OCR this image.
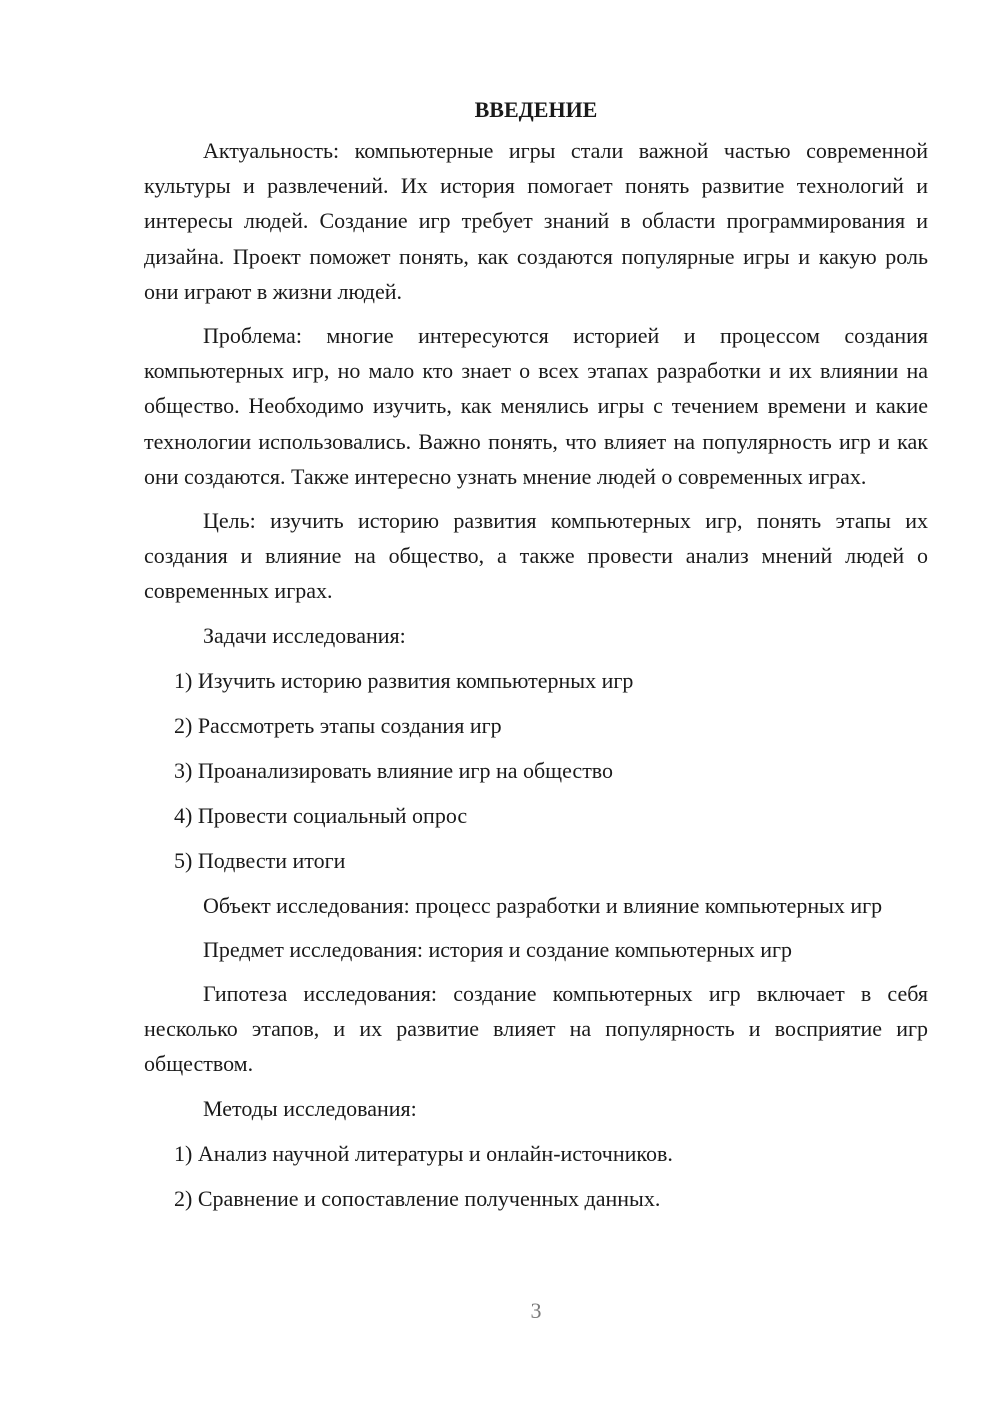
ВВЕДЕНИЕ

Актуальность: компьютерные игры стали важной частью современной культуры и развлечений. Их история помогает понять развитие технологий и интересы людей. Создание игр требует знаний в области программирования и дизайна. Проект поможет понять, как создаются популярные игры и какую роль они играют в жизни людей.

Проблема: многие интересуются историей и процессом создания компьютерных игр, но мало кто знает о всех этапах разработки и их влиянии на общество. Необходимо изучить, как менялись игры с течением времени и какие технологии использовались. Важно понять, что влияет на популярность игр и как они создаются. Также интересно узнать мнение людей о современных играх.

Цель: изучить историю развития компьютерных игр, понять этапы их создания и влияние на общество, а также провести анализ мнений людей о современных играх.

Задачи исследования:
1) Изучить историю развития компьютерных игр
2) Рассмотреть этапы создания игр
3) Проанализировать влияние игр на общество
4) Провести социальный опрос
5) Подвести итоги

Объект исследования: процесс разработки и влияние компьютерных игр

Предмет исследования: история и создание компьютерных игр

Гипотеза исследования: создание компьютерных игр включает в себя несколько этапов, и их развитие влияет на популярность и восприятие игр обществом.

Методы исследования:
1) Анализ научной литературы и онлайн-источников.
2) Сравнение и сопоставление полученных данных.
3
